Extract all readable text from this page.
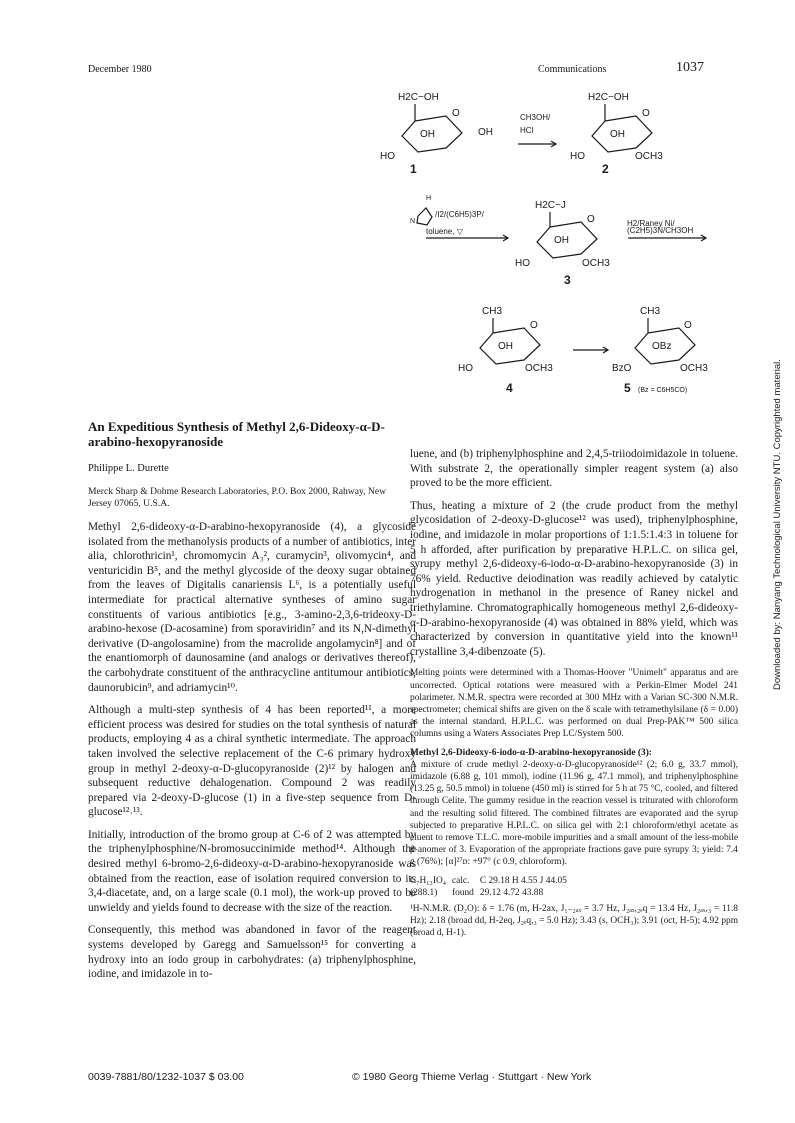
December 1980	Communications	1037
Downloaded by: Nanyang Technological University NTU. Copyrighted material.
H2C−OH
O
OH
HO
OH
1
CH3OH/
HCl
H2C−OH
O
OH
HO	OCH3
2
H
N
/I2/(C6H5)3P/
toluene, ▽
H2C−J
O
OH
HO	OCH3
3
H2/Raney Ni/
(C2H5)3N/CH3OH
CH3
O
OH
HO	OCH3
4
CH3
O
OBz
BzO	OCH3
5 (Bz = C6H5CO)
An Expeditious Synthesis of Methyl 2,6-Dideoxy-α-D-arabino-hexopyranoside
Philippe L. Durette
Merck Sharp & Dohme Research Laboratories, P.O. Box 2000, Rahway, New Jersey 07065, U.S.A.

Methyl 2,6-dideoxy-α-D-arabino-hexopyranoside (4), a glycoside isolated from the methanolysis products of a number of antibiotics, inter alia, chlorothricin¹, chromomycin A₃², curamycin³, olivomycin⁴, and venturicidin B⁵, and the methyl glycoside of the deoxy sugar obtained from the leaves of Digitalis canariensis L⁶, is a potentially useful intermediate for practical alternative syntheses of amino sugar constituents of various antibiotics [e.g., 3-amino-2,3,6-trideoxy-D-arabino-hexose (D-acosamine) from sporaviridin⁷ and its N,N-dimethyl derivative (D-angolosamine) from the macrolide angolamycin⁸] and of the enantiomorph of daunosamine (and analogs or derivatives thereof), the carbohydrate constituent of the anthracycline antitumour antibiotics, daunorubicin⁹, and adriamycin¹⁰.

Although a multi-step synthesis of 4 has been reported¹¹, a more efficient process was desired for studies on the total synthesis of natural products, employing 4 as a chiral synthetic intermediate. The approach taken involved the selective replacement of the C-6 primary hydroxy group in methyl 2-deoxy-α-D-glucopyranoside (2)¹² by halogen and subsequent reductive dehalogenation. Compound 2 was readily prepared via 2-deoxy-D-glucose (1) in a five-step sequence from D-glucose¹²˒¹³.

Initially, introduction of the bromo group at C-6 of 2 was attempted by the triphenylphosphine/N-bromosuccinimide method¹⁴. Although the desired methyl 6-bromo-2,6-dideoxy-α-D-arabino-hexopyranoside was obtained from the reaction, ease of isolation required conversion to its 3,4-diacetate, and, on a large scale (0.1 mol), the work-up proved to be unwieldy and yields found to decrease with the size of the reaction.

Consequently, this method was abandoned in favor of the reagent systems developed by Garegg and Samuelsson¹⁵ for converting a hydroxy into an iodo group in carbohydrates: (a) triphenylphosphine, iodine, and imidazole in to-

luene, and (b) triphenylphosphine and 2,4,5-triiodoimidazole in toluene. With substrate 2, the operationally simpler reagent system (a) also proved to be the more efficient.

Thus, heating a mixture of 2 (the crude product from the methyl glycosidation of 2-deoxy-D-glucose¹² was used), triphenylphosphine, iodine, and imidazole in molar proportions of 1:1.5:1.4:3 in toluene for 5 h afforded, after purification by preparative H.P.L.C. on silica gel, syrupy methyl 2,6-dideoxy-6-iodo-α-D-arabino-hexopyranoside (3) in 76% yield. Reductive deiodination was readily achieved by catalytic hydrogenation in methanol in the presence of Raney nickel and triethylamine. Chromatographically homogeneous methyl 2,6-dideoxy-α-D-arabino-hexopyranoside (4) was obtained in 88% yield, which was characterized by conversion in quantitative yield into the known¹¹ crystalline 3,4-dibenzoate (5).

Melting points were determined with a Thomas-Hoover "Unimelt" apparatus and are uncorrected. Optical rotations were measured with a Perkin-Elmer Model 241 polarimeter. N.M.R. spectra were recorded at 300 MHz with a Varian SC-300 N.M.R. spectrometer; chemical shifts are given on the δ scale with tetramethylsilane (δ = 0.00) as the internal standard. H.P.L.C. was performed on dual Prep-PAK™ 500 silica columns using a Waters Associates Prep LC/System 500.

Methyl 2,6-Dideoxy-6-iodo-α-D-arabino-hexopyranoside (3):

A mixture of crude methyl 2-deoxy-α-D-glucopyranoside¹² (2; 6.0 g, 33.7 mmol), imidazole (6.88 g, 101 mmol), iodine (11.96 g, 47.1 mmol), and triphenylphosphine (13.25 g, 50.5 mmol) in toluene (450 ml) is stirred for 5 h at 75 °C, cooled, and filtered through Celite. The gummy residue in the reaction vessel is triturated with chloroform and the resulting solid filtered. The combined filtrates are evaporated and the syrup subjected to preparative H.P.L.C. on silica gel with 2:1 chloroform/ethyl acetate as eluent to remove T.L.C. more-mobile impurities and a small amount of the less-mobile β-anomer of 3. Evaporation of the appropriate fractions gave pure syrupy 3; yield: 7.4 g (76%); [α]²⁷ᴅ: +97° (c 0.9, chloroform).

C₇H₁₃IO₄	calc.	C 29.18 H 4.55 J 44.05
(288.1)	found	29.12 4.72 43.88

¹H-N.M.R. (D₂O): δ = 1.76 (m, H-2ax, J₁₋₂ₐₓ = 3.7 Hz, J₂ₐₓ,₂ₑq = 13.4 Hz, J₂ₐₓ,₃ = 11.8 Hz); 2.18 (broad dd, H-2eq, J₂ₑq,₃ = 5.0 Hz); 3.43 (s, OCH₃); 3.91 (oct, H-5); 4.92 ppm (broad d, H-1).

0039-7881/80/1232-1037 $ 03.00	© 1980 Georg Thieme Verlag · Stuttgart · New York
